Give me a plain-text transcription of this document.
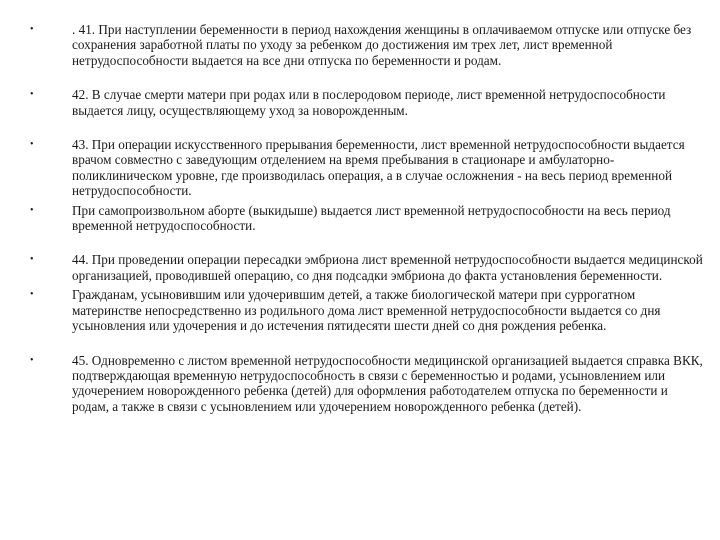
•	. 41. При наступлении беременности в период нахождения женщины в оплачиваемом отпуске или отпуске без сохранения заработной платы по уходу за ребенком до достижения им трех лет, лист временной нетрудоспособности выдается на все дни отпуска по беременности и родам.
•	42. В случае смерти матери при родах или в послеродовом периоде, лист временной нетрудоспособности выдается лицу, осуществляющему уход за новорожденным.
•	43. При операции искусственного прерывания беременности, лист временной нетрудоспособности выдается врачом совместно с заведующим отделением на время пребывания в стационаре и амбулаторно-поликлиническом уровне, где производилась операция, а в случае осложнения - на весь период временной нетрудоспособности.
•	При самопроизвольном аборте (выкидыше) выдается лист временной нетрудоспособности на весь период временной нетрудоспособности.
•	44. При проведении операции пересадки эмбриона лист временной нетрудоспособности выдается медицинской организацией, проводившей операцию, со дня подсадки эмбриона до факта установления беременности.
•	Гражданам, усыновившим или удочерившим детей, а также биологической матери при суррогатном материнстве непосредственно из родильного дома лист временной нетрудоспособности выдается со дня усыновления или удочерения и до истечения пятидесяти шести дней со дня рождения ребенка.
•	45. Одновременно с листом временной нетрудоспособности медицинской организацией выдается справка ВКК, подтверждающая временную нетрудоспособность в связи с беременностью и родами, усыновлением или удочерением новорожденного ребенка (детей) для оформления работодателем отпуска по беременности и родам, а также в связи с усыновлением или удочерением новорожденного ребенка (детей).
